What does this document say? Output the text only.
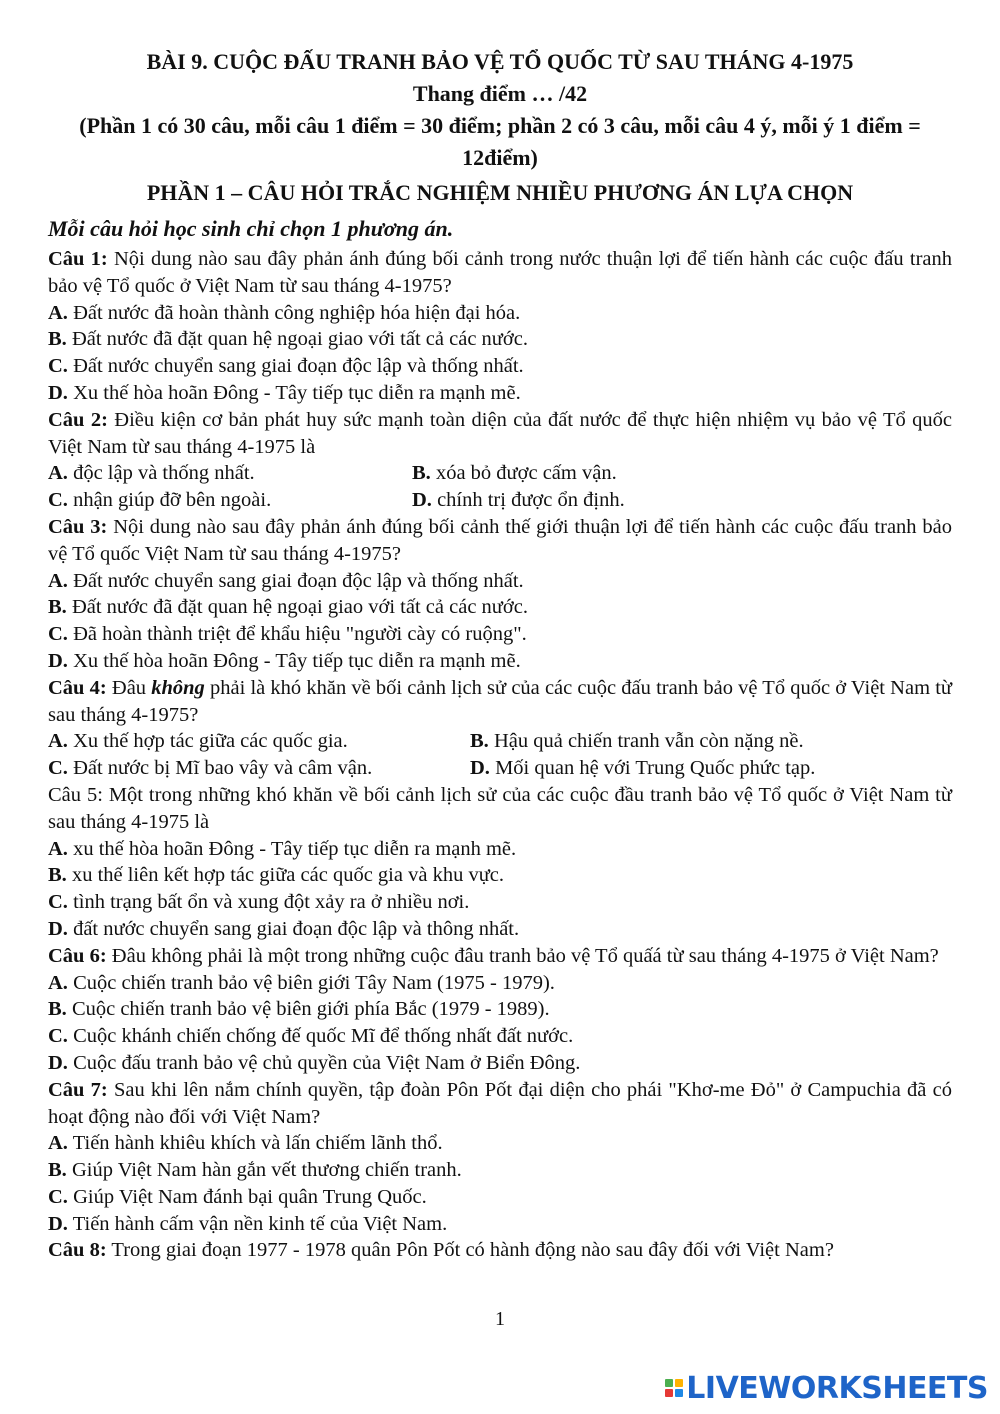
BÀI 9. CUỘC ĐẤU TRANH BẢO VỆ TỔ QUỐC TỪ SAU THÁNG 4-1975
Thang điểm … /42
(Phần 1 có 30 câu, mỗi câu 1 điểm = 30 điểm; phần 2 có 3 câu, mỗi câu 4 ý, mỗi ý 1 điểm =
12điểm)
PHẦN 1 – CÂU HỎI TRẮC NGHIỆM NHIỀU PHƯƠNG ÁN LỰA CHỌN
Mỗi câu hỏi học sinh chỉ chọn 1 phương án.
Câu 1: Nội dung nào sau đây phản ánh đúng bối cảnh trong nước thuận lợi để tiến hành các cuộc đấu tranh bảo vệ Tổ quốc ở Việt Nam từ sau tháng 4-1975?
A. Đất nước đã hoàn thành công nghiệp hóa hiện đại hóa.
B. Đất nước đã đặt quan hệ ngoại giao với tất cả các nước.
C. Đất nước chuyển sang giai đoạn độc lập và thống nhất.
D. Xu thế hòa hoãn Đông - Tây tiếp tục diễn ra mạnh mẽ.
Câu 2: Điều kiện cơ bản phát huy sức mạnh toàn diện của đất nước để thực hiện nhiệm vụ bảo vệ Tổ quốc Việt Nam từ sau tháng 4-1975 là
A. độc lập và thống nhất.	B. xóa bỏ được cấm vận.
C. nhận giúp đỡ bên ngoài.	D. chính trị được ổn định.
Câu 3: Nội dung nào sau đây phản ánh đúng bối cảnh thế giới thuận lợi để tiến hành các cuộc đấu tranh bảo vệ Tổ quốc Việt Nam từ sau tháng 4-1975?
A. Đất nước chuyển sang giai đoạn độc lập và thống nhất.
B. Đất nước đã đặt quan hệ ngoại giao với tất cả các nước.
C. Đã hoàn thành triệt để khẩu hiệu "người cày có ruộng".
D. Xu thế hòa hoãn Đông - Tây tiếp tục diễn ra mạnh mẽ.
Câu 4: Đâu không phải là khó khăn về bối cảnh lịch sử của các cuộc đấu tranh bảo vệ Tổ quốc ở Việt Nam từ sau tháng 4-1975?
A. Xu thế hợp tác giữa các quốc gia.	B. Hậu quả chiến tranh vẫn còn nặng nề.
C. Đất nước bị Mĩ bao vây và câm vận.	D. Mối quan hệ với Trung Quốc phức tạp.
Câu 5: Một trong những khó khăn về bối cảnh lịch sử của các cuộc đầu tranh bảo vệ Tổ quốc ở Việt Nam từ sau tháng 4-1975 là
A. xu thế hòa hoãn Đông - Tây tiếp tục diễn ra mạnh mẽ.
B. xu thế liên kết hợp tác giữa các quốc gia và khu vực.
C. tình trạng bất ổn và xung đột xảy ra ở nhiều nơi.
D. đất nước chuyển sang giai đoạn độc lập và thông nhất.
Câu 6: Đâu không phải là một trong những cuộc đâu tranh bảo vệ Tổ quấá từ sau tháng 4-1975 ở Việt Nam?
A. Cuộc chiến tranh bảo vệ biên giới Tây Nam (1975 - 1979).
B. Cuộc chiến tranh bảo vệ biên giới phía Bắc (1979 - 1989).
C. Cuộc khánh chiến chống đế quốc Mĩ để thống nhất đất nước.
D. Cuộc đấu tranh bảo vệ chủ quyền của Việt Nam ở Biển Đông.
Câu 7: Sau khi lên nắm chính quyền, tập đoàn Pôn Pốt đại diện cho phái "Khơ-me Đỏ" ở Campuchia đã có hoạt động nào đối với Việt Nam?
A. Tiến hành khiêu khích và lấn chiếm lãnh thổ.
B. Giúp Việt Nam hàn gắn vết thương chiến tranh.
C. Giúp Việt Nam đánh bại quân Trung Quốc.
D. Tiến hành cấm vận nền kinh tế của Việt Nam.
Câu 8: Trong giai đoạn 1977 - 1978 quân Pôn Pốt có hành động nào sau đây đối với Việt Nam?
1
LIVEWORKSHEETS
